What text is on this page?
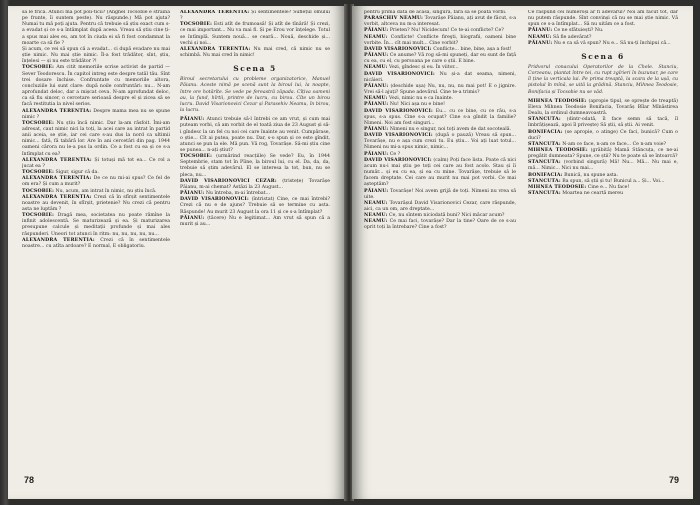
să le frică. Atunci mă pot poli-ticii? (Anghel Tocsobie e străină pe frunte, îi suntem peste). Nu răspunde.) Mă pot ajuta? Numai tu mă poți ajuta. Pentru că trebuie să știu exact cum s-a evadat și ce s-a întâmplat după aceea. Vreau să știu cine ți-a spus mai ales eu, am tot în ciuda ei să fi fost condamnat la moarte ca să fie ?

Și acum, ce vei să spun că a evadat... ci după evadare nu mai știe nimic. Nu mai știe nimic. Îl-a fost trădător, sînt, știu, înțelesi — și nu este trădător ?!

TOCSOBIE: Am citit memoriile scrise activist de partid — Sever Teodorescu. În capitol intreg este despre tatăl tău. Sînt trei dosare închise. Confruntate cu memoriile altora, concluziile lui sunt clare: după noile confruntări: nu... N-am aprofundat deloc, dar a mișcat ceva. N-am aprofundat deloc, ca să fiu sincer, o cercetare serioasă despre el și zicea să se facă restitutia la nivel serios.

ALEXANDRA TERENTIA: Despre mama mea nu se spune nimic ?

TOCSOBIE: Nu știu încă nimic. Dar la-am răsfoit. Îmi-am adresat, caut nimic nici la toți, la acei care au intrat în partid anii aceia, se știe, iar cei care s-au dus la nord ca ultimii nimic... fată, fă tabără lor. Are în ani cercetări din pag. 1944 oameni cărora nu le-a pus la ordin. Ce a fost cu ea și ce s-a întîmplat cu ea?

ALEXANDRA TERENTIA: Și totuși mă tot ea... Ce rol a jucat ea ?

TOCSOBIE: Sigur, sigur că da.

ALEXANDRA TERENTIA: De ce nu mi-ai spus? Ce fel de om era? Și cum a murit?

TOCSOBIE: Nu, acum, am intrat în nimic, nu știu încă.

ALEXANDRA TERENTIA: Crezi că în sfîrșit sentimentele noastre au devenit, în sfîrșit, prietenie? Nu crezi că pentru asta ne luptăm ?

TOCSOBIE: Dragă mea, societatea nu poate rămîne la infinit adolescentă. Se maturizează și ea. Și maturizarea presupune calcule și meditații profunde și mai ales răspunderi. Uneori tot atunci în ritm: nu, nu, nu, nu, nu...

ALEXANDRA TERENTIA: Crezi că în sentimentele noastre... cu atîta ardoare? E normal, E obligatoriu.

ALEXANDRA TERENTIA: Și sentimentele? Suflețul omului ?

TOCSOBIE: Esti atît de frumoasă! Și atît de tînără! Și crezi, ce mai important... Nu va mai fi. Și pe Erou vor înțelege. Totul se întîmplă. Suntem nouă... se ceară... Nouă, deschide și... vechi și noi...

ALEXANDRA TERENTIA: Nu mai cred, că nimic nu se schimbă. Nu mai cred în nimic!

Scena 5
Biroul secretarului cu probleme organizatorice, Manuel Păianu. Aceste nimă pe scenă sunt la biroul lui, la noapte, între ore hotărîte. Se vede pe fereastră zăpada. Cîțiva oameni au, la fund, hîrtii, printre de lucru, cu birou. Cîte un birou lucru. David Visarionovici Cezar și Parasehiv Neamu, în birou, la lucru.

PĂIANU: Atunci trebuie să-l întrebi ce am vrut, și cum mai puteam vorbi, că am vorbit de el toată ziua de 23 August și să-i gîndesc la un fel cu noi cei care înainte au venit. Cumpărase, o știe... Cît ai putea, poate nu. Dar, s-o spun și ce este gîndit, atunci se pun la ele. Mă pun. Vă rog, Tovarășe. Să-mi știu cine se punea... n-ați știut?

TOCSOBIE: (urmărind reacțiile) Se vede? Eu, în 1944 Septembrie, stam tot în Pîine, la biroul lui, cu el. Da, da, da, trebuie să știm adevărul. El se interesa la tot, bun, nu se pleca, nu...

DAVID VISARIONOVICI CEZAR: (tristețe) Tovarășe Păianu, m-ai chemat? Astăzi la 23 August...

PĂIANU: Nu întreba, m-ai întrebat...

DAVID VISARIONOVICI: (întristat) Cine, ce mai întrebi? Crezi că nu e de ajuns? Trebuie să se termine cu asta. Răspunde! Au murit 23 August la ora 11 și ce s-a întîmplat?

PĂIANU: (tăcere) Nu e legitimat... Am vrut să spun că a murit și au...

78

pentru prima dată de acasă, singură, fără să se poată vorbi.

PARASCHIV NEAMU: Tovarășe Păianu, ați avut de făcut, s-a vorbit, altceva nu m-a interesat.

PĂIANU: Prieten? Nu! Nicidecum! Ce te-ai conflicte? Ce?

NEAMU: Conflicte! Conflicte fireşti, biografii, oameni bine vorbite. În... cît mai mult... Cine vorbit?

DAVID VISARIONOVICI: Conflicte... bine, bine, așa a fost!

PĂIANU: Ce anume? Vă rog să-mi spuneți, dar eu sunt de față cu ea, cu el, cu persoana pe care o știi. E bine.

NEAMU: Vezi, gîndesc și eu. În viitor...

DAVID VISARIONOVICI: Nu și-a dat seama, nimeni, nicăieri.

PĂIANU: (deschide ușa) Nu, nu, nu, nu mai pot! E o jignire. Vrei să-l ajuți? Spune adevărul. Cine te-a trimis?

NEAMU: Vezi, nimic nu e ca înainte.

PĂIANU: Nu! Nici așa nu e bine!

DAVID VISARIONOVICI: Eu... cu ce bine, cu ce rău, s-a spus, s-a spus. Cine s-a ocupat? Cine s-a gîndit la familie? Nimeni. Noi am fost singuri...

PĂIANU: Nimeni nu e singur, noi toți avem de dat socoteală.

DAVID VISARIONOVICI: (după o pauză) Vreau să spun... Tovarășe, nu e așa cum crezi tu. Eu știu... Voi ați luat totul... Nimeni nu mi-a spus nimic, nimic...

PĂIANU: Ce ?

DAVID VISARIONOVICI: (calm) Poți face lista. Poate că nici acum nu-i mai știu pe toți cei care au fost acolo. Stau și îi număr... și eu cu ea, și ea cu mine. Tovarășe, trebuie să le facem dreptate. Cei care au murit nu mai pot vorbi. Ce mai așteptăm?

PĂIANU: Tovarășe! Noi avem grijă de toți. Nimeni nu vrea să uite.

NEAMU: Tovarășul David Visarionovici Cezar, care răspunde, aici, ca un om, are dreptate...

NEAMU: Ce, nu sîntem niciodată buni? Nici măcar acum?

NEAMU: Ce mai faci, tovarășe? Dar la tine? Oare de ce s-au oprit toți la întrebare? Cine a fost?

Ce răspund cei numeroși ar fi adevărul? Noi am făcut tot, dar nu putem răspunde. Sînt convinși că nu se mai știe nimic. Vă spun ce s-a întîmplat... Să nu uităm ce a fost.

PĂIANU: Ce ne sfătuiești? Nu.

NEAMU: Să fie adevărat?

PĂIANU: Nu e ca să vă spun? Nu e... Să nu-ți închipui că...

Scena 6
Pridvorul conacului Operatorilor de la Chele. Stanciu, Corzeanu, plantat între tei, cu rupt zgîrieri în buzunar, pe care îl ține la verticala lui. Pe prima treaptă, la scara de la ușă, cu pistolul în mînă, se uită la grădină. Stanciu, Mihnea Teodosie, Bonifacia și Tocsobie nu se văd.

MIHNEA TEODOSIE: (apropie tipul, se oprește de treaptă) Eleva Mihnea Teodosie Bonifacia, Tovarăș Bîlar Mînăstirea Dealu, la ordinul dumneavoastră.

STANCUTA: (dintr-odată, îl face semn să tacă, îl îmbrățișează, apoi îl privește) Să știi, să știi. Ai venit.

BONIFACIA: (se apropie, o atinge) Ce faci, bunică? Cum o duci?

STANCUTA: N-am ce face, n-am ce face... Ce n-am voie?

MIHNEA TEODOSIE: (grăbită) Mamă Stăncuța, ce ne-ai pregătit dumneata? Spune, ce știi? Nu te poate să se întoarcă?

STANCUTA: (vorbind singură) Mă! Nu... Mă... Nu mai e, mă... Nimic... Nici nu mai...

BONIFACIA: Bunică, nu spune asta.

STANCUTA: Ba spun, să știi și tu! Bunicul a... Și... Voi...

MIHNEA TEODOSIE: Cine e... Nu face!

STANCUTA: Moartea ne ceartă mereu

79
